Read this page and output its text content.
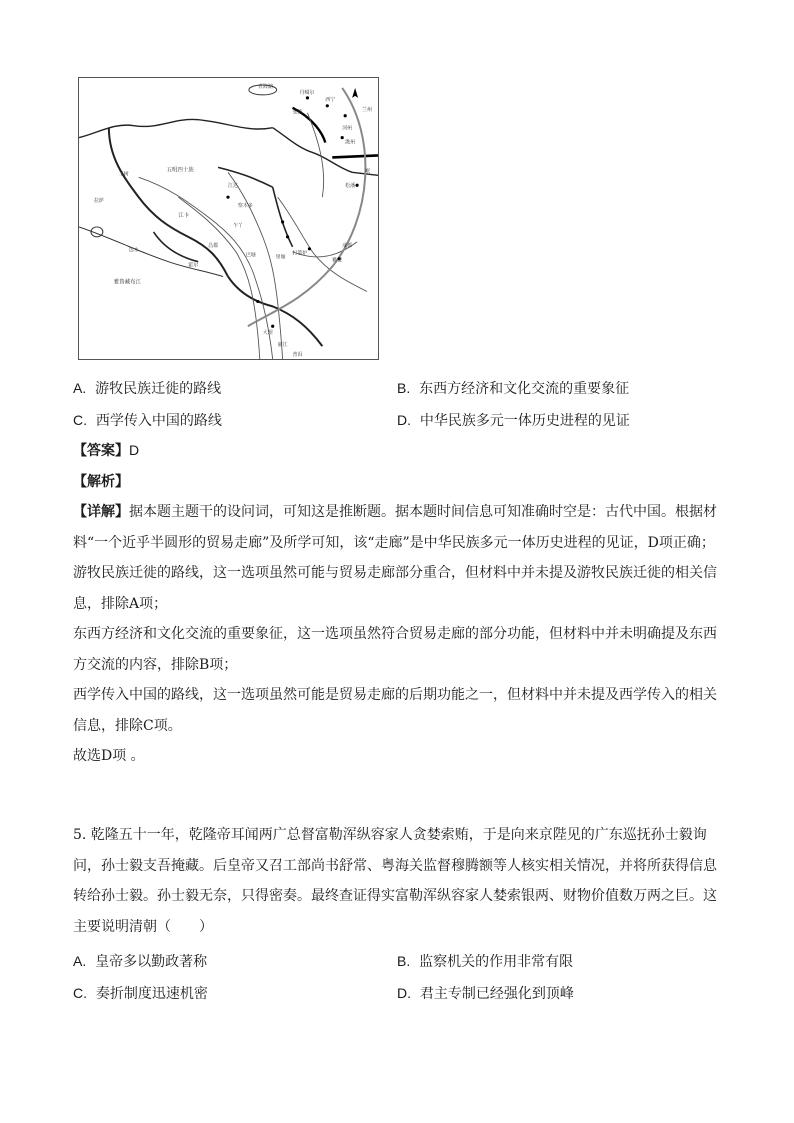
青海湖
丹噶尔
西宁
兰州
张掖
河州
洮州
岷
松潘
五明四十族
玉树
拉萨
巴塘	里塘
打箭炉
雅安
成都
大理
丽江
普洱
江达
察木多
乍丫
昌都
雅鲁藏布江
江卡
达木
霍尔
A. 游牧民族迁徙的路线	B. 东西方经济和文化交流的重要象征
C. 西学传入中国的路线	D. 中华民族多元一体历史进程的见证
【答案】D
【解析】

【详解】据本题主题干的设问词，可知这是推断题。据本题时间信息可知准确时空是：古代中国。根据材料“一个近乎半圆形的贸易走廊”及所学可知，该“走廊”是中华民族多元一体历史进程的见证，D项正确；

游牧民族迁徙的路线，这一选项虽然可能与贸易走廊部分重合，但材料中并未提及游牧民族迁徙的相关信息，排除A项；

东西方经济和文化交流的重要象征，这一选项虽然符合贸易走廊的部分功能，但材料中并未明确提及东西方交流的内容，排除B项；

西学传入中国的路线，这一选项虽然可能是贸易走廊的后期功能之一，但材料中并未提及西学传入的相关信息，排除C项。

故选D项 。

5. 乾隆五十一年，乾隆帝耳闻两广总督富勒浑纵容家人贪婪索贿，于是向来京陛见的广东巡抚孙士毅询问，孙士毅支吾掩藏。后皇帝又召工部尚书舒常、粤海关监督穆腾额等人核实相关情况，并将所获得信息转给孙士毅。孙士毅无奈，只得密奏。最终查证得实富勒浑纵容家人婪索银两、财物价值数万两之巨。这主要说明清朝（　　）

A. 皇帝多以勤政著称	B. 监察机关的作用非常有限
C. 奏折制度迅速机密	D. 君主专制已经强化到顶峰
